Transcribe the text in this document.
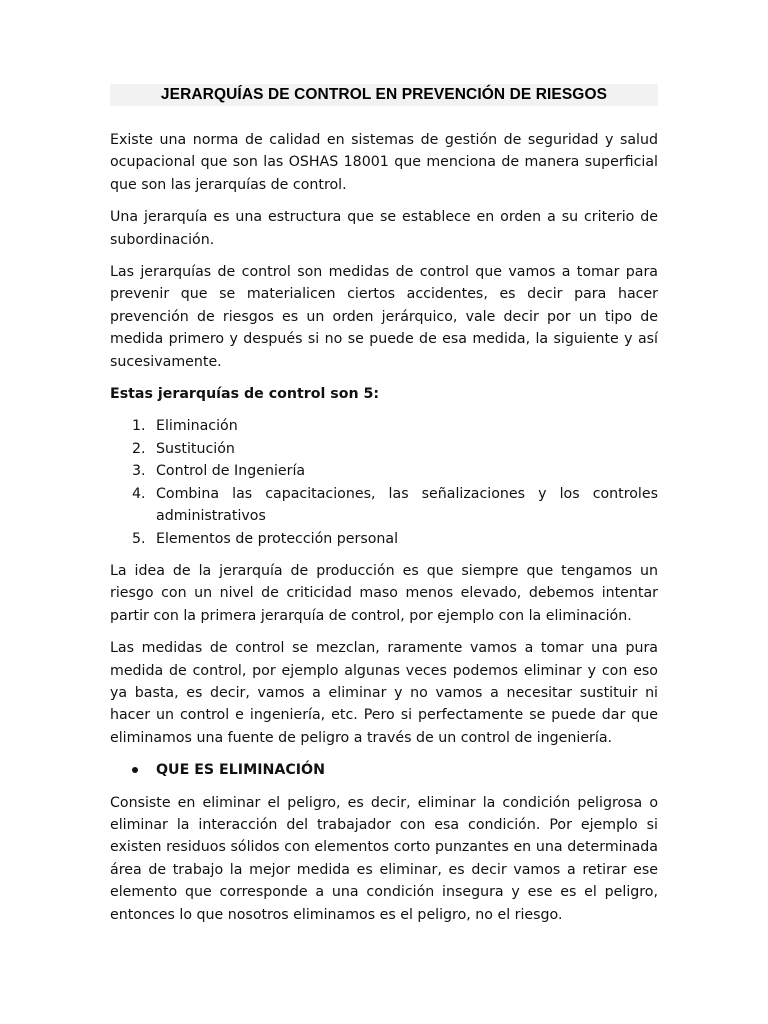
JERARQUÍAS DE CONTROL EN PREVENCIÓN DE RIESGOS

Existe una norma de calidad en sistemas de gestión de seguridad y salud ocupacional que son las OSHAS 18001 que menciona de manera superficial que son las jerarquías de control.

Una jerarquía es una estructura que se establece en orden a su criterio de subordinación.

Las jerarquías de control son medidas de control que vamos a tomar para prevenir que se materialicen ciertos accidentes, es decir para hacer prevención de riesgos es un orden jerárquico, vale decir por un tipo de medida primero y después si no se puede de esa medida, la siguiente y así sucesivamente.

Estas jerarquías de control son 5:

1. Eliminación
2. Sustitución
3. Control de Ingeniería
4. Combina las capacitaciones, las señalizaciones y los controles administrativos
5. Elementos de protección personal

La idea de la jerarquía de producción es que siempre que tengamos un riesgo con un nivel de criticidad maso menos elevado, debemos intentar partir con la primera jerarquía de control, por ejemplo con la eliminación.

Las medidas de control se mezclan, raramente vamos a tomar una pura medida de control, por ejemplo algunas veces podemos eliminar y con eso ya basta, es decir, vamos a eliminar y no vamos a necesitar sustituir ni hacer un control e ingeniería, etc. Pero si perfectamente se puede dar que eliminamos una fuente de peligro a través de un control de ingeniería.

QUE ES ELIMINACIÓN

Consiste en eliminar el peligro, es decir, eliminar la condición peligrosa o eliminar la interacción del trabajador con esa condición. Por ejemplo si existen residuos sólidos con elementos corto punzantes en una determinada área de trabajo la mejor medida es eliminar, es decir vamos a retirar ese elemento que corresponde a una condición insegura y ese es el peligro, entonces lo que nosotros eliminamos es el peligro, no el riesgo.
